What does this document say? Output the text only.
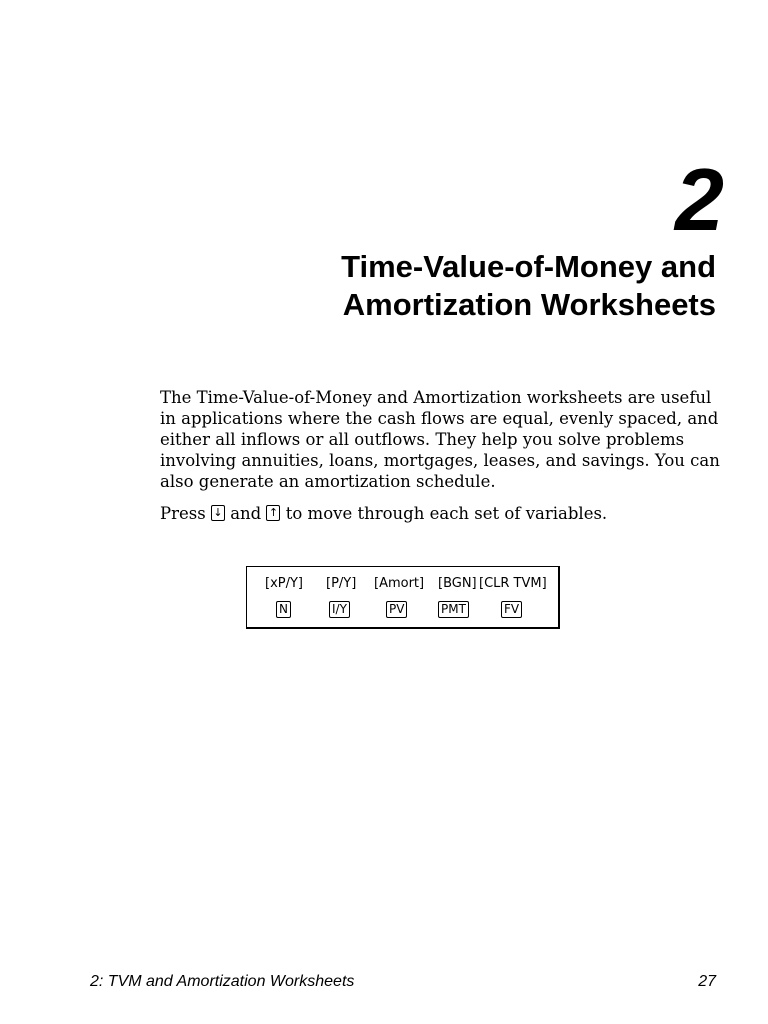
2
Time-Value-of-Money and
Amortization Worksheets

The Time-Value-of-Money and Amortization worksheets are useful in applications where the cash flows are equal, evenly spaced, and either all inflows or all outflows. They help you solve problems involving annuities, loans, mortgages, leases, and savings. You can also generate an amortization schedule.

Press ↓ and ↑ to move through each set of variables.

[xP/Y] [P/Y] [Amort] [BGN] [CLR TVM]
N	I/Y	PV	PMT	FV

2: TVM and Amortization Worksheets	27
